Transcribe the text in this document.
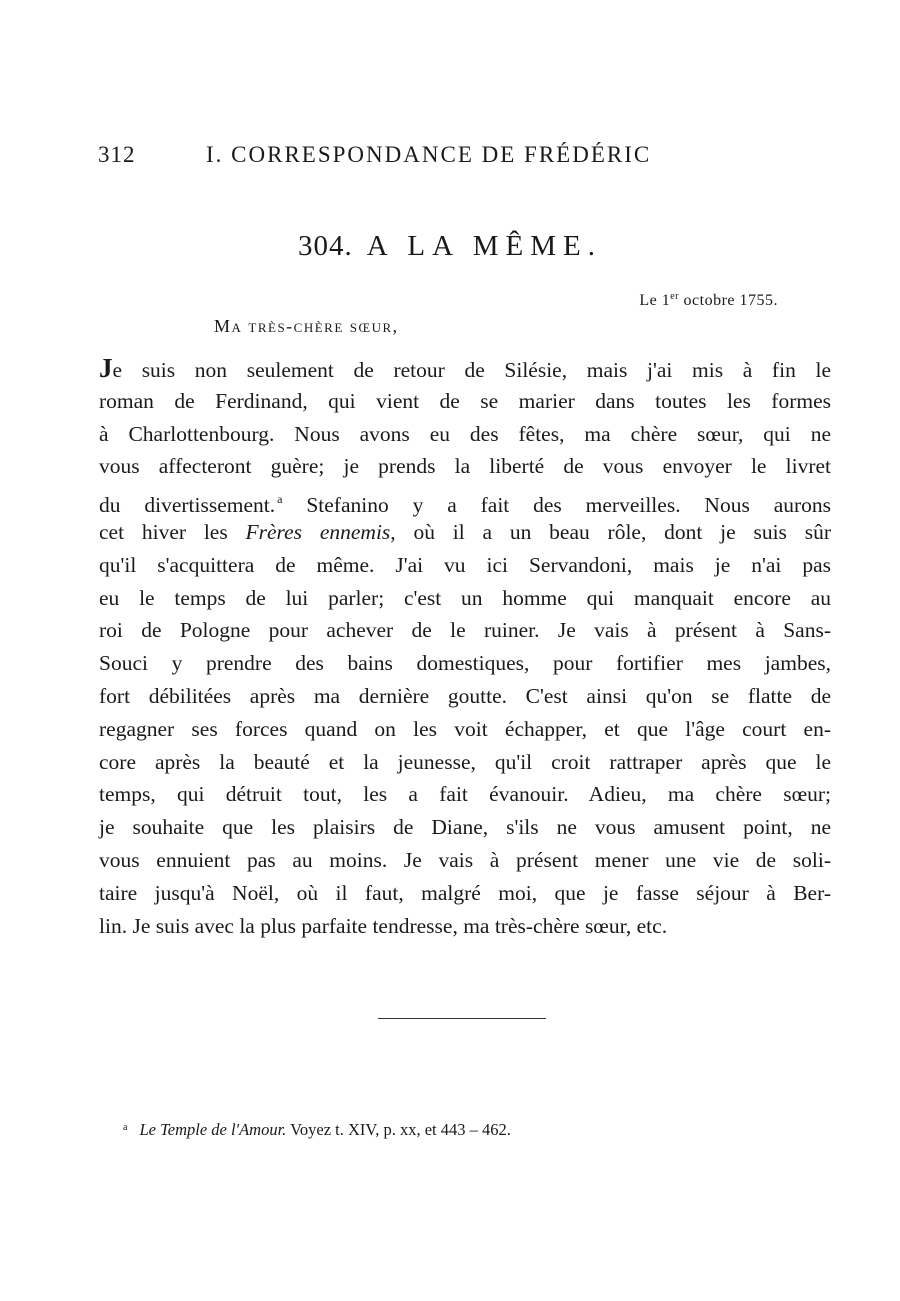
312	I. CORRESPONDANCE DE FRÉDÉRIC
304. A LA MÊME.
Le 1er octobre 1755.
Ma très-chère sœur,
Je suis non seulement de retour de Silésie, mais j'ai mis à fin le
roman de Ferdinand, qui vient de se marier dans toutes les formes
à Charlottenbourg. Nous avons eu des fêtes, ma chère sœur, qui ne
vous affecteront guère; je prends la liberté de vous envoyer le livret
du divertissement. $^a$ Stefanino y a fait des merveilles. Nous aurons
cet hiver les Frères ennemis, où il a un beau rôle, dont je suis sûr
qu'il s'acquittera de même. J'ai vu ici Servandoni, mais je n'ai pas
eu le temps de lui parler; c'est un homme qui manquait encore au
roi de Pologne pour achever de le ruiner. Je vais à présent à Sans-
Souci y prendre des bains domestiques, pour fortifier mes jambes,
fort débilitées après ma dernière goutte. C'est ainsi qu'on se flatte de
regagner ses forces quand on les voit échapper, et que l'âge court en-
core après la beauté et la jeunesse, qu'il croit rattraper après que le
temps, qui détruit tout, les a fait évanouir. Adieu, ma chère sœur;
je souhaite que les plaisirs de Diane, s'ils ne vous amusent point, ne
vous ennuient pas au moins. Je vais à présent mener une vie de soli-
taire jusqu'à Noël, où il faut, malgré moi, que je fasse séjour à Ber-
lin. Je suis avec la plus parfaite tendresse, ma très-chère sœur, etc.
$^a$ Le Temple de l'Amour. Voyez t. XIV, p. xx, et 443 – 462.
